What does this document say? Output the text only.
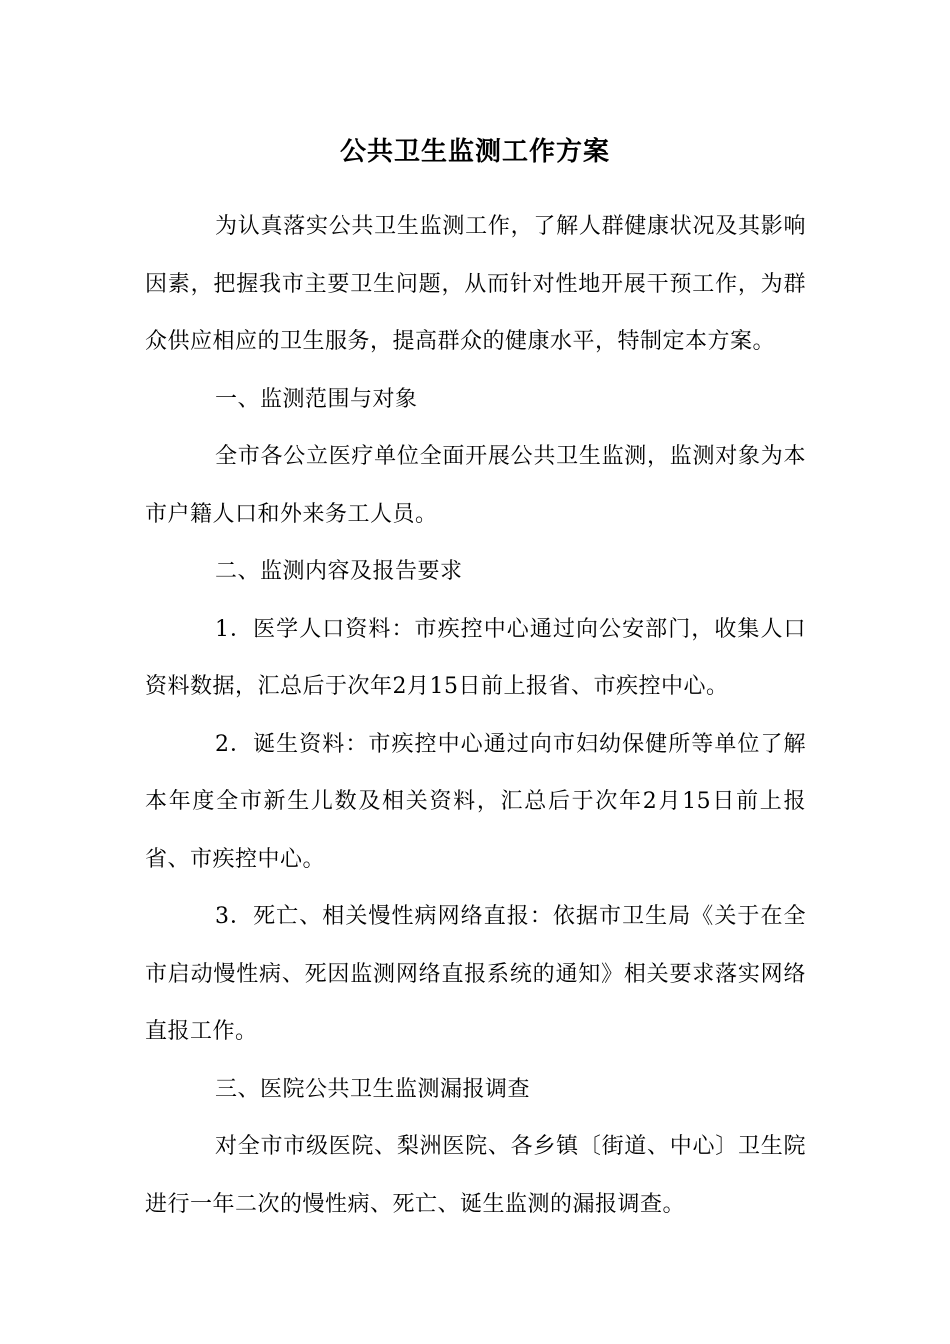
公共卫生监测工作方案

为认真落实公共卫生监测工作，了解人群健康状况及其影响因素，把握我市主要卫生问题，从而针对性地开展干预工作，为群众供应相应的卫生服务，提高群众的健康水平，特制定本方案。

一、监测范围与对象

全市各公立医疗单位全面开展公共卫生监测，监测对象为本市户籍人口和外来务工人员。

二、监测内容及报告要求

1．医学人口资料：市疾控中心通过向公安部门，收集人口资料数据，汇总后于次年2月15日前上报省、市疾控中心。

2．诞生资料：市疾控中心通过向市妇幼保健所等单位了解本年度全市新生儿数及相关资料，汇总后于次年2月15日前上报省、市疾控中心。

3．死亡、相关慢性病网络直报：依据市卫生局《关于在全市启动慢性病、死因监测网络直报系统的通知》相关要求落实网络直报工作。

三、医院公共卫生监测漏报调查

对全市市级医院、梨洲医院、各乡镇〔街道、中心〕卫生院进行一年二次的慢性病、死亡、诞生监测的漏报调查。
